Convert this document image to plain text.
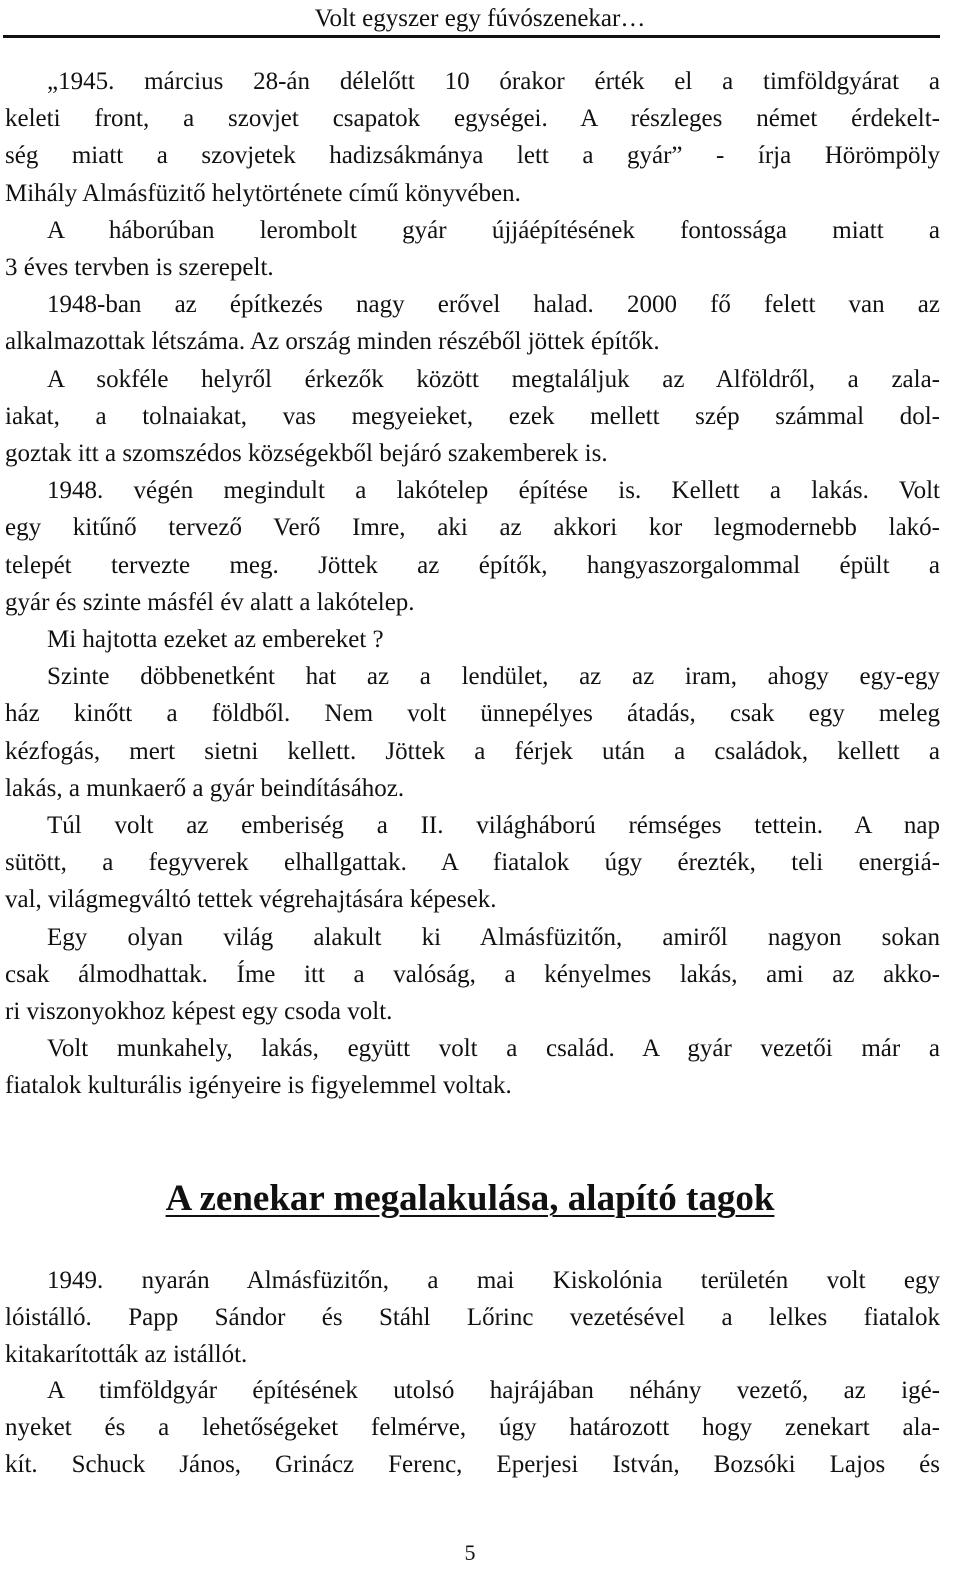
Volt egyszer egy fúvószenekar…
„1945. március 28-án délelőtt 10 órakor érték el a timföldgyárat a
keleti front, a szovjet csapatok egységei. A részleges német érdekelt-
ség miatt a szovjetek hadizsákmánya lett a gyár” - írja Hörömpöly
Mihály Almásfüzitő helytörténete című könyvében.
A háborúban lerombolt gyár újjáépítésének fontossága miatt a
3 éves tervben is szerepelt.
1948-ban az építkezés nagy erővel halad. 2000 fő felett van az
alkalmazottak létszáma. Az ország minden részéből jöttek építők.
A sokféle helyről érkezők között megtaláljuk az Alföldről, a zala-
iakat, a tolnaiakat, vas megyeieket, ezek mellett szép számmal dol-
goztak itt a szomszédos községekből bejáró szakemberek is.
1948. végén megindult a lakótelep építése is. Kellett a lakás. Volt
egy kitűnő tervező Verő Imre, aki az akkori kor legmodernebb lakó-
telepét tervezte meg. Jöttek az építők, hangyaszorgalommal épült a
gyár és szinte másfél év alatt a lakótelep.
Mi hajtotta ezeket az embereket ?
Szinte döbbenetként hat az a lendület, az az iram, ahogy egy-egy
ház kinőtt a földből. Nem volt ünnepélyes átadás, csak egy meleg
kézfogás, mert sietni kellett. Jöttek a férjek után a családok, kellett a
lakás, a munkaerő a gyár beindításához.
Túl volt az emberiség a II. világháború rémséges tettein. A nap
sütött, a fegyverek elhallgattak. A fiatalok úgy érezték, teli energiá-
val, világmegváltó tettek végrehajtására képesek.
Egy olyan világ alakult ki Almásfüzitőn, amiről nagyon sokan
csak álmodhattak. Íme itt a valóság, a kényelmes lakás, ami az akko-
ri viszonyokhoz képest egy csoda volt.
Volt munkahely, lakás, együtt volt a család. A gyár vezetői már a
fiatalok kulturális igényeire is figyelemmel voltak.
A zenekar megalakulása, alapító tagok
1949. nyarán Almásfüzitőn, a mai Kiskolónia területén volt egy
lóistálló. Papp Sándor és Stáhl Lőrinc vezetésével a lelkes fiatalok
kitakarították az istállót.
A timföldgyár építésének utolsó hajrájában néhány vezető, az igé-
nyeket és a lehetőségeket felmérve, úgy határozott hogy zenekart ala-
kít. Schuck János, Grinácz Ferenc, Eperjesi István, Bozsóki Lajos és
5
